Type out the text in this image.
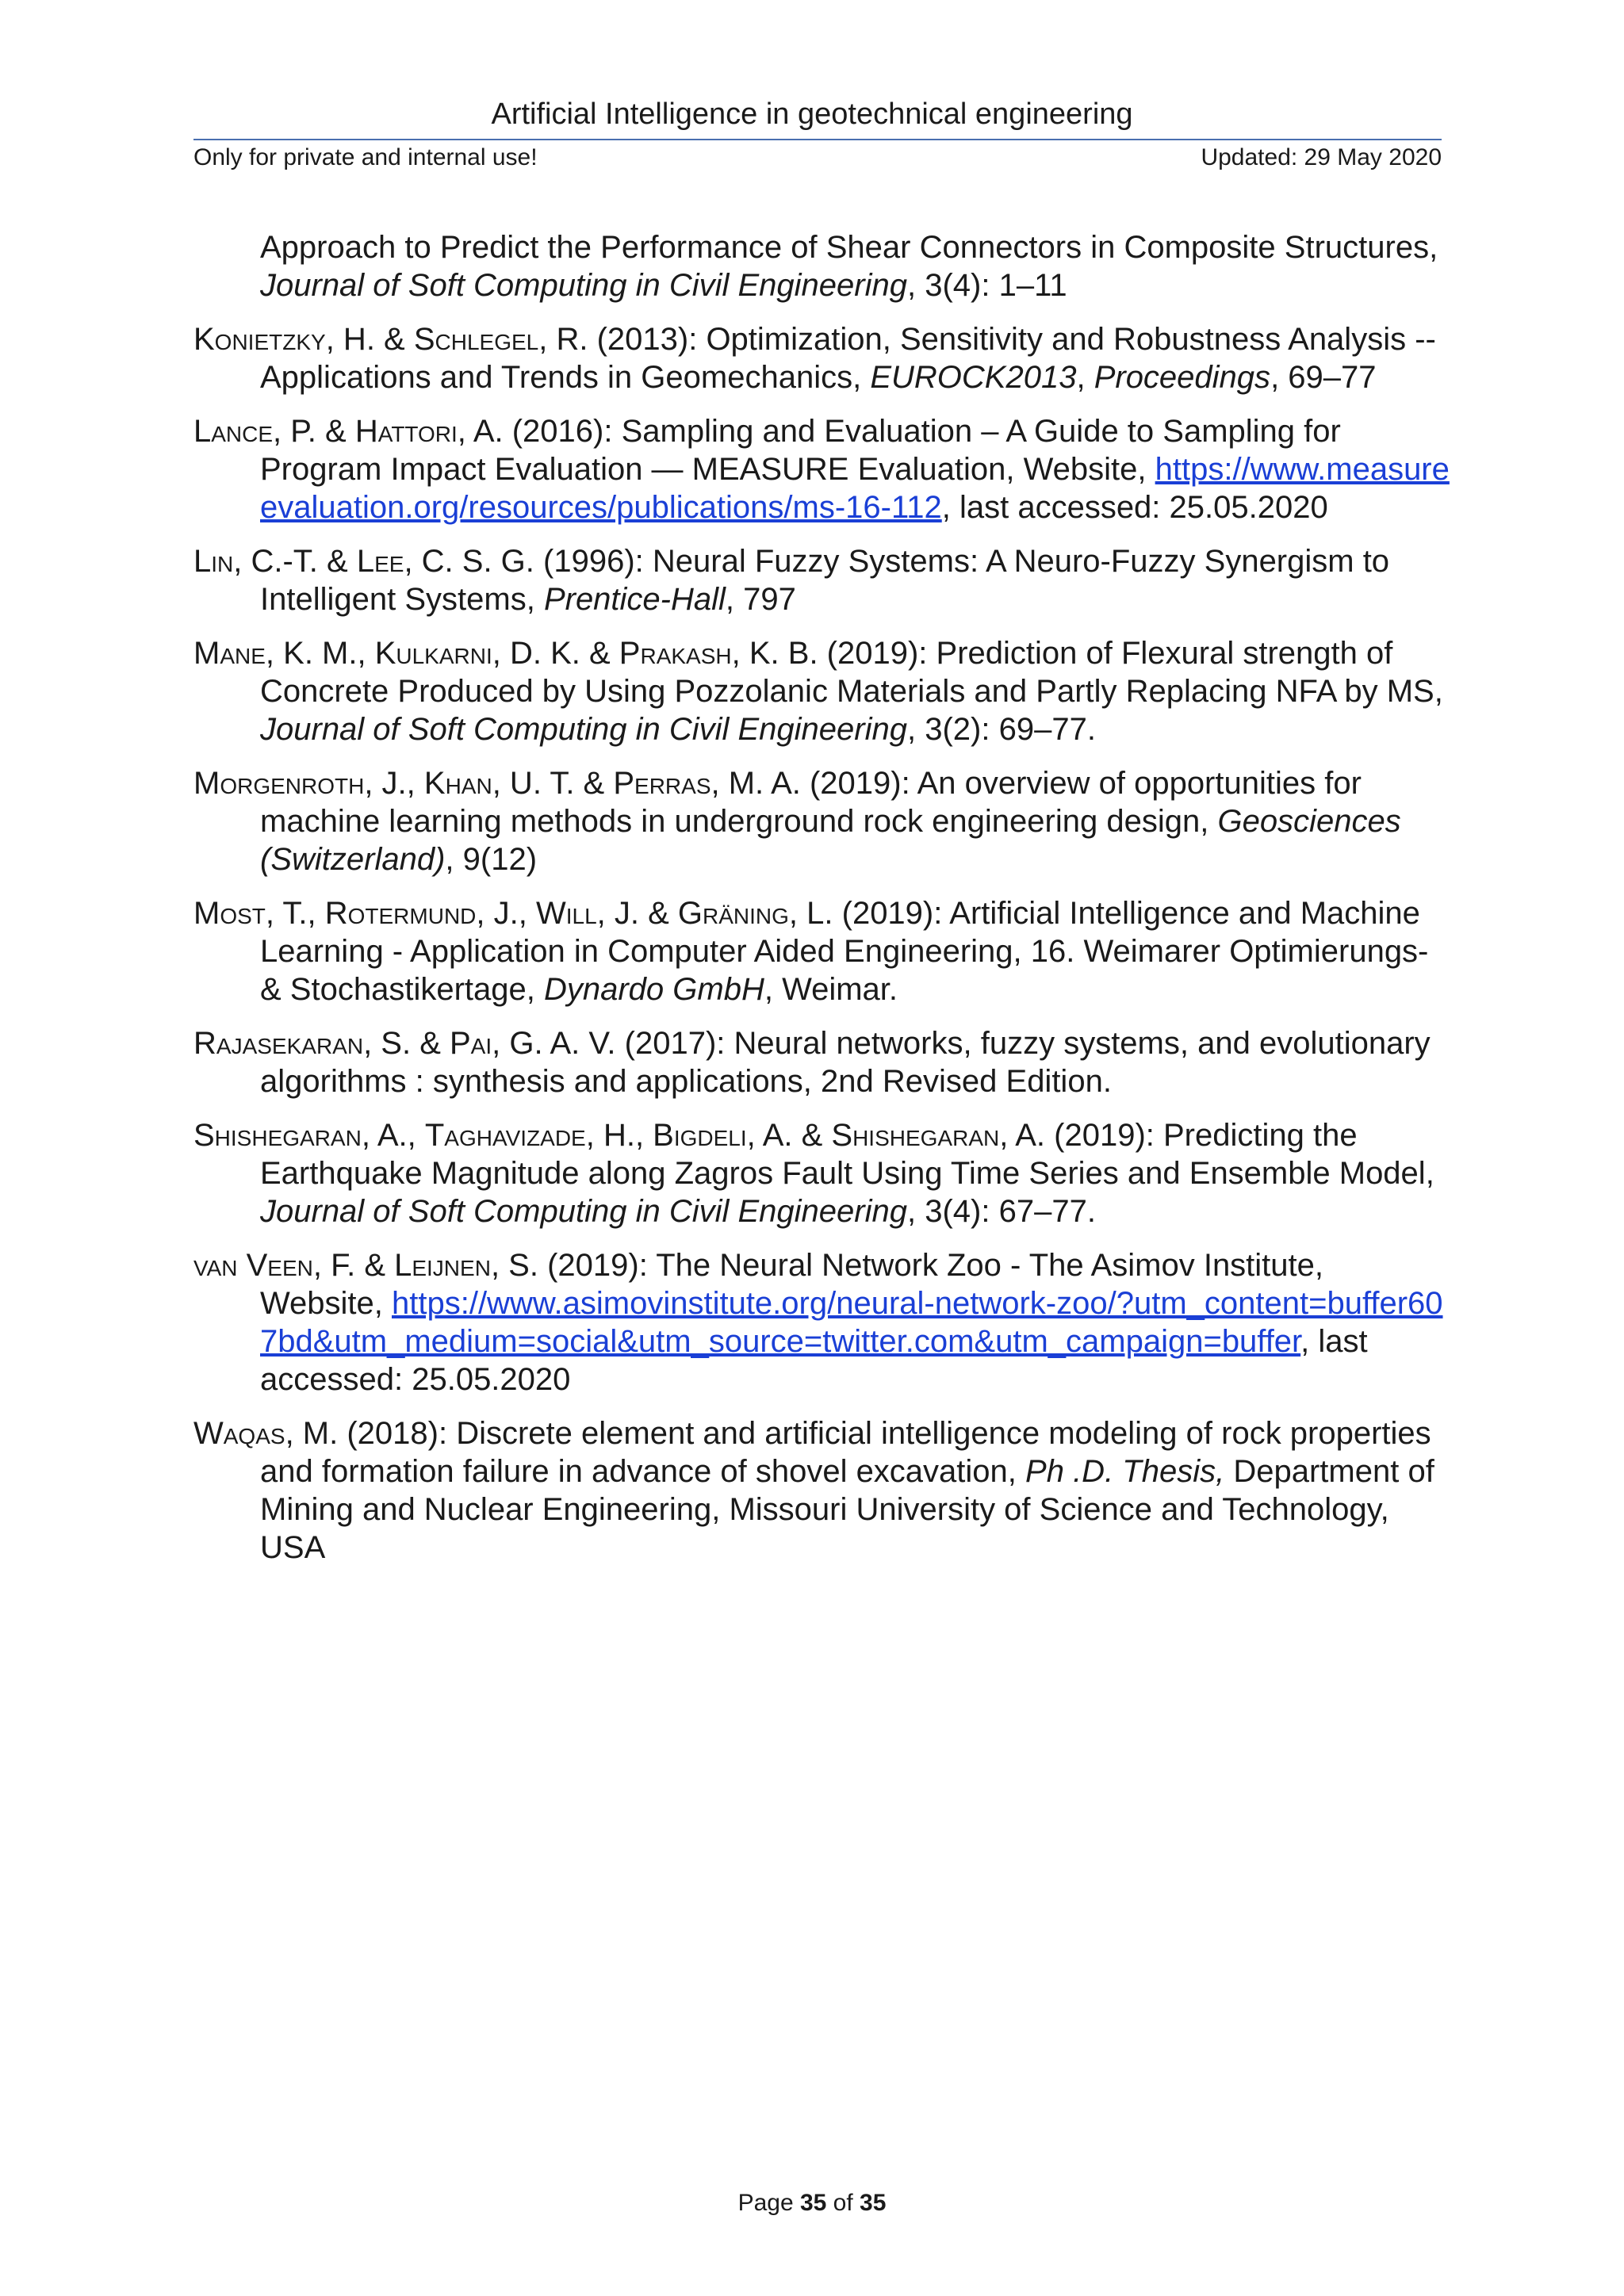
Artificial Intelligence in geotechnical engineering
Only for private and internal use!	Updated: 29 May 2020

Approach to Predict the Performance of Shear Connectors in Composite Structures, Journal of Soft Computing in Civil Engineering, 3(4): 1–11

Konietzky, H. & Schlegel, R. (2013): Optimization, Sensitivity and Robustness Analysis -- Applications and Trends in Geomechanics, EUROCK2013, Proceedings, 69–77

Lance, P. & Hattori, A. (2016): Sampling and Evaluation – A Guide to Sampling for Program Impact Evaluation — MEASURE Evaluation, Website, https://www.measureevaluation.org/resources/publications/ms-16-112, last accessed: 25.05.2020

Lin, C.-T. & Lee, C. S. G. (1996): Neural Fuzzy Systems: A Neuro-Fuzzy Synergism to Intelligent Systems, Prentice-Hall, 797

Mane, K. M., Kulkarni, D. K. & Prakash, K. B. (2019): Prediction of Flexural strength of Concrete Produced by Using Pozzolanic Materials and Partly Replacing NFA by MS, Journal of Soft Computing in Civil Engineering, 3(2): 69–77.

Morgenroth, J., Khan, U. T. & Perras, M. A. (2019): An overview of opportunities for machine learning methods in underground rock engineering design, Geosciences (Switzerland), 9(12)

Most, T., Rotermund, J., Will, J. & Gräning, L. (2019): Artificial Intelligence and Machine Learning - Application in Computer Aided Engineering, 16. Weimarer Optimierungs- & Stochastikertage, Dynardo GmbH, Weimar.

Rajasekaran, S. & Pai, G. A. V. (2017): Neural networks, fuzzy systems, and evolutionary algorithms : synthesis and applications, 2nd Revised Edition.

Shishegaran, A., Taghavizade, H., Bigdeli, A. & Shishegaran, A. (2019): Predicting the Earthquake Magnitude along Zagros Fault Using Time Series and Ensemble Model, Journal of Soft Computing in Civil Engineering, 3(4): 67–77.

van Veen, F. & Leijnen, S. (2019): The Neural Network Zoo - The Asimov Institute, Website, https://www.asimovinstitute.org/neural-network-zoo/?utm_content=buffer607bd&utm_medium=social&utm_source=twitter.com&utm_campaign=buffer, last accessed: 25.05.2020

Waqas, M. (2018): Discrete element and artificial intelligence modeling of rock properties and formation failure in advance of shovel excavation, Ph .D. Thesis, Department of Mining and Nuclear Engineering, Missouri University of Science and Technology, USA

Page 35 of 35
